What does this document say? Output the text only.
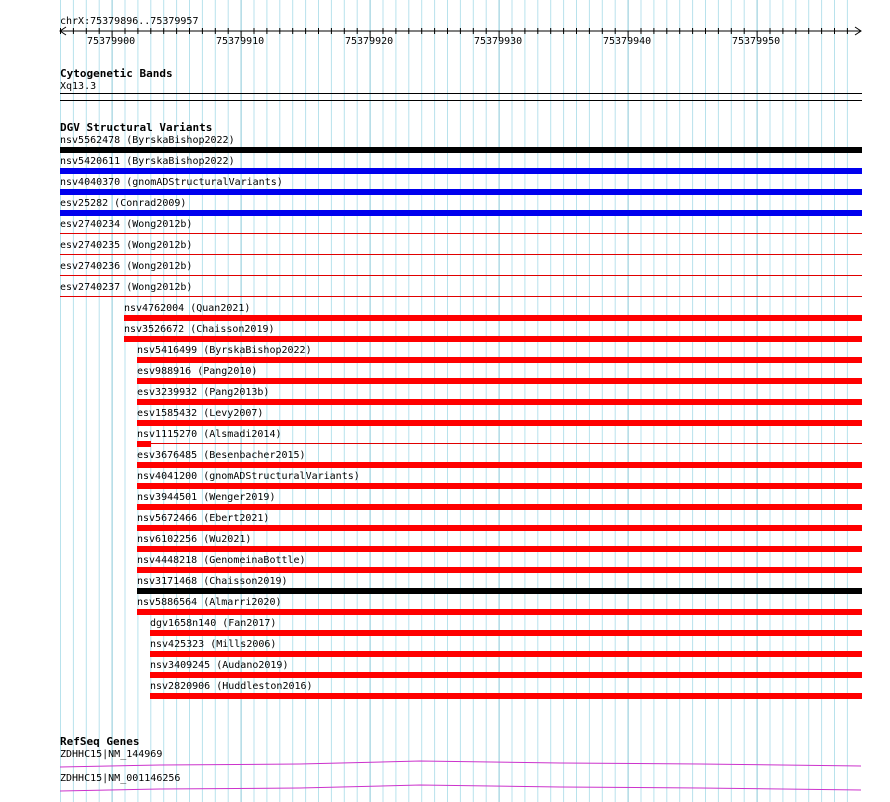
chrX:75379896..75379957
75379900	75379910	75379920	75379930	75379940	75379950
Cytogenetic Bands
Xq13.3
DGV Structural Variants
nsv5562478 (ByrskaBishop2022)
nsv5420611 (ByrskaBishop2022)
nsv4040370 (gnomADStructuralVariants)
esv25282 (Conrad2009)
esv2740234 (Wong2012b)
esv2740235 (Wong2012b)
esv2740236 (Wong2012b)
esv2740237 (Wong2012b)
nsv4762004 (Quan2021)
nsv3526672 (Chaisson2019)
nsv5416499 (ByrskaBishop2022)
esv988916 (Pang2010)
esv3239932 (Pang2013b)
esv1585432 (Levy2007)
nsv1115270 (Alsmadi2014)
esv3676485 (Besenbacher2015)
nsv4041200 (gnomADStructuralVariants)
nsv3944501 (Wenger2019)
nsv5672466 (Ebert2021)
nsv6102256 (Wu2021)
nsv4448218 (GenomeinaBottle)
nsv3171468 (Chaisson2019)
nsv5886564 (Almarri2020)
dgv1658n140 (Fan2017)
nsv425323 (Mills2006)
nsv3409245 (Audano2019)
nsv2820906 (Huddleston2016)
RefSeq Genes
ZDHHC15|NM_144969
ZDHHC15|NM_001146256
